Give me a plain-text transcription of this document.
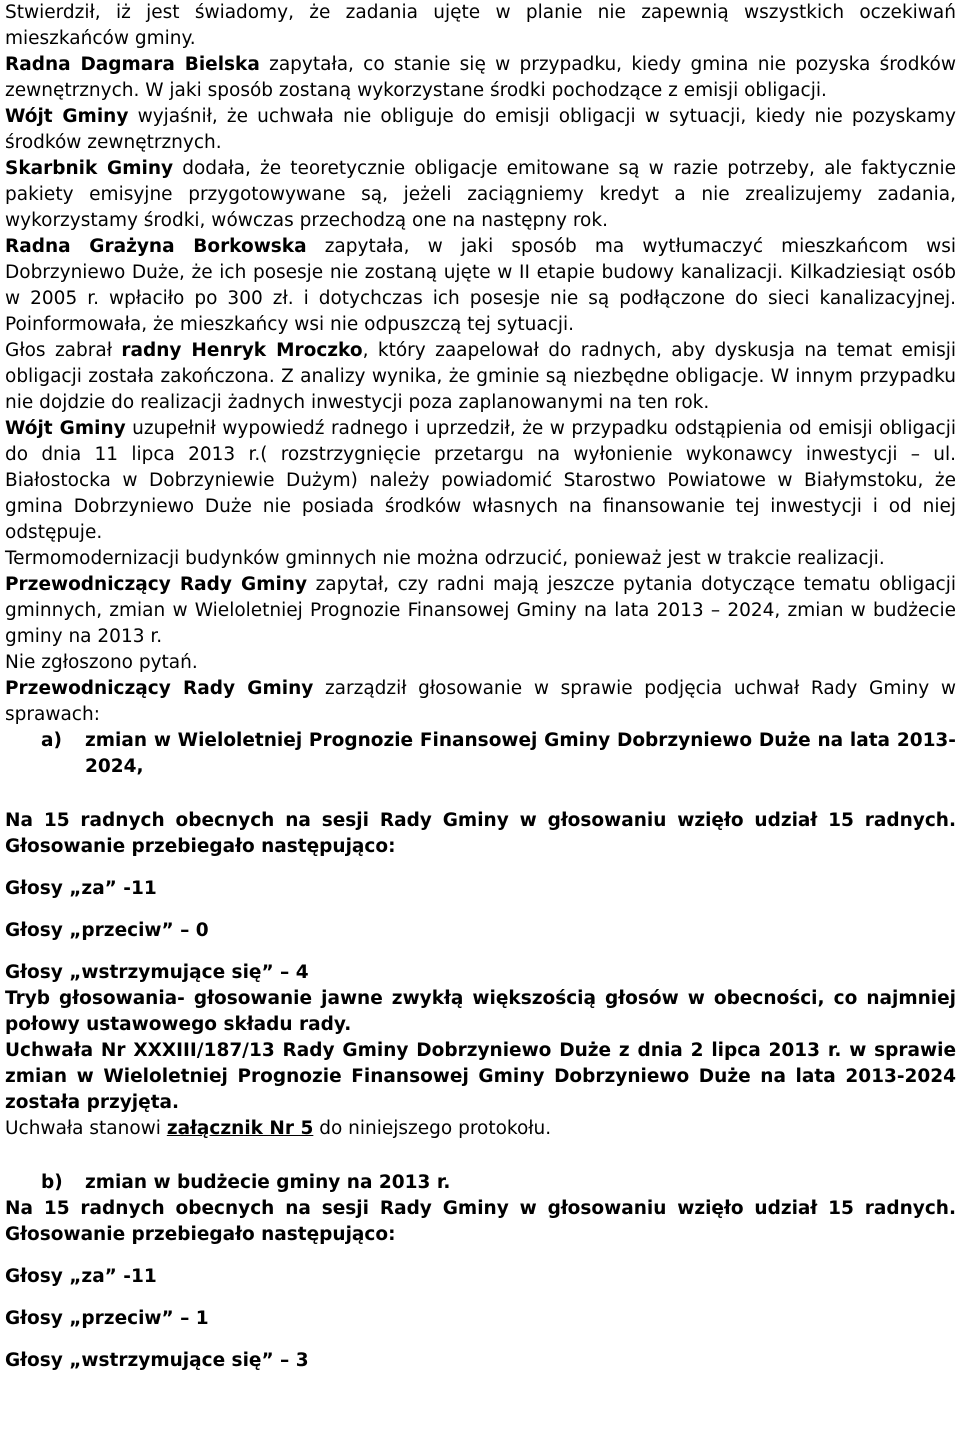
Stwierdził, iż jest świadomy, że zadania ujęte w planie nie zapewnią wszystkich oczekiwań mieszkańców gminy.

Radna Dagmara Bielska zapytała, co stanie się w przypadku, kiedy gmina nie pozyska środków zewnętrznych. W jaki sposób zostaną wykorzystane środki pochodzące z emisji obligacji.

Wójt Gminy wyjaśnił, że uchwała nie obliguje do emisji obligacji w sytuacji, kiedy nie pozyskamy środków zewnętrznych.

Skarbnik Gminy dodała, że teoretycznie obligacje emitowane są w razie potrzeby, ale faktycznie pakiety emisyjne przygotowywane są, jeżeli zaciągniemy kredyt a nie zrealizujemy zadania, wykorzystamy środki, wówczas przechodzą one na następny rok.

Radna Grażyna Borkowska zapytała, w jaki sposób ma wytłumaczyć mieszkańcom wsi Dobrzyniewo Duże, że ich posesje nie zostaną ujęte w II etapie budowy kanalizacji. Kilkadziesiąt osób w 2005 r. wpłaciło po 300 zł. i dotychczas ich posesje nie są podłączone do sieci kanalizacyjnej. Poinformowała, że mieszkańcy wsi nie odpuszczą tej sytuacji.

Głos zabrał radny Henryk Mroczko, który zaapelował do radnych, aby dyskusja na temat emisji obligacji została zakończona. Z analizy wynika, że gminie są niezbędne obligacje. W innym przypadku nie dojdzie do realizacji żadnych inwestycji poza zaplanowanymi na ten rok.

Wójt Gminy uzupełnił wypowiedź radnego i uprzedził, że w przypadku odstąpienia od emisji obligacji do dnia 11 lipca 2013 r.( rozstrzygnięcie przetargu na wyłonienie wykonawcy inwestycji – ul. Białostocka w Dobrzyniewie Dużym) należy powiadomić Starostwo Powiatowe w Białymstoku, że gmina Dobrzyniewo Duże nie posiada środków własnych na finansowanie tej inwestycji i od niej odstępuje.

Termomodernizacji budynków gminnych nie można odrzucić, ponieważ jest w trakcie realizacji.

Przewodniczący Rady Gminy zapytał, czy radni mają jeszcze pytania dotyczące tematu obligacji gminnych, zmian w Wieloletniej Prognozie Finansowej Gminy na lata 2013 – 2024, zmian w budżecie gminy na 2013 r.

Nie zgłoszono pytań.

Przewodniczący Rady Gminy zarządził głosowanie w sprawie podjęcia uchwał Rady Gminy w sprawach:

a)	zmian w Wieloletniej Prognozie Finansowej Gminy Dobrzyniewo Duże na lata 2013-2024,

Na 15 radnych obecnych na sesji Rady Gminy w głosowaniu wzięło udział 15 radnych. Głosowanie przebiegało następująco:

Głosy „za” -11

Głosy „przeciw” – 0

Głosy „wstrzymujące się” – 4

Tryb głosowania- głosowanie jawne zwykłą większością głosów w obecności, co najmniej połowy ustawowego składu rady.

Uchwała Nr XXXIII/187/13 Rady Gminy Dobrzyniewo Duże z dnia 2 lipca 2013 r. w sprawie zmian w Wieloletniej Prognozie Finansowej Gminy Dobrzyniewo Duże na lata 2013-2024 została przyjęta.

Uchwała stanowi załącznik Nr 5 do niniejszego protokołu.

b)	zmian w budżecie gminy na 2013 r.

Na 15 radnych obecnych na sesji Rady Gminy w głosowaniu wzięło udział 15 radnych. Głosowanie przebiegało następująco:

Głosy „za” -11

Głosy „przeciw” – 1

Głosy „wstrzymujące się” – 3
